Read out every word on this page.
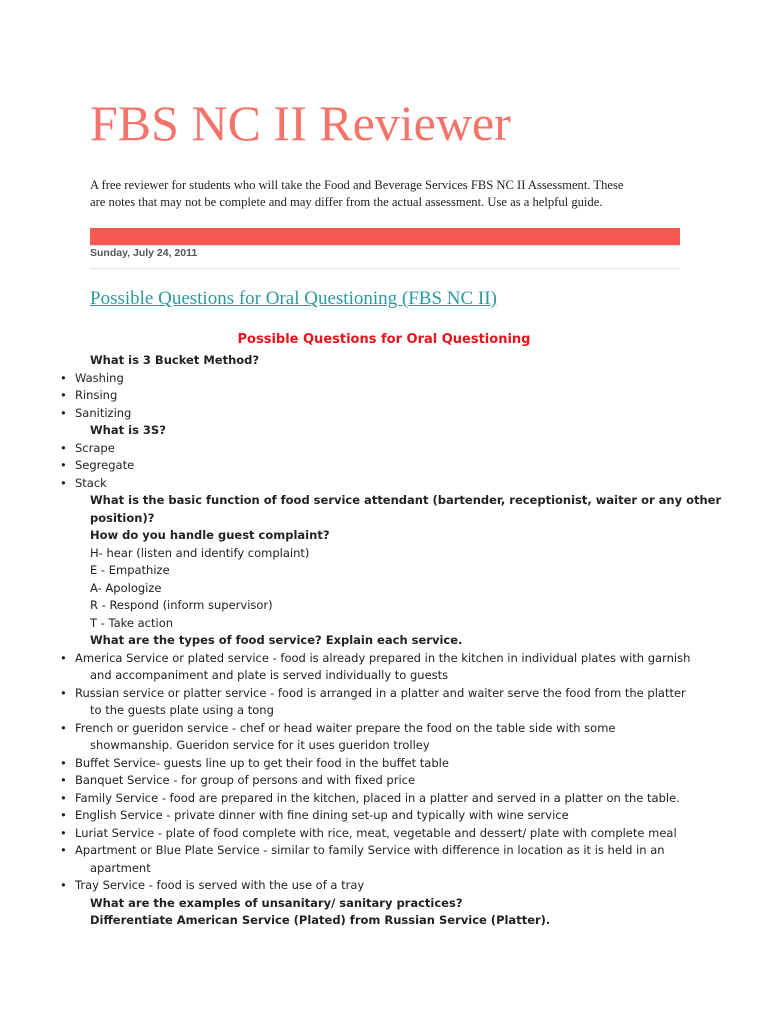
FBS NC II Reviewer
A free reviewer for students who will take the Food and Beverage Services FBS NC II Assessment. These
are notes that may not be complete and may differ from the actual assessment. Use as a helpful guide.
Sunday, July 24, 2011
Possible Questions for Oral Questioning (FBS NC II)
Possible Questions for Oral Questioning
What is 3 Bucket Method?
• Washing
• Rinsing
• Sanitizing
What is 3S?
• Scrape
• Segregate
• Stack
What is the basic function of food service attendant (bartender, receptionist, waiter or any other
position)?
How do you handle guest complaint?
H- hear (listen and identify complaint)
E - Empathize
A- Apologize
R - Respond (inform supervisor)
T - Take action
What are the types of food service? Explain each service.
• America Service or plated service - food is already prepared in the kitchen in individual plates with garnish
and accompaniment and plate is served individually to guests
• Russian service or platter service - food is arranged in a platter and waiter serve the food from the platter
to the guests plate using a tong
• French or gueridon service - chef or head waiter prepare the food on the table side with some
showmanship. Gueridon service for it uses gueridon trolley
• Buffet Service- guests line up to get their food in the buffet table
• Banquet Service - for group of persons and with fixed price
• Family Service - food are prepared in the kitchen, placed in a platter and served in a platter on the table.
• English Service - private dinner with fine dining set-up and typically with wine service
• Luriat Service - plate of food complete with rice, meat, vegetable and dessert/ plate with complete meal
• Apartment or Blue Plate Service - similar to family Service with difference in location as it is held in an
apartment
• Tray Service - food is served with the use of a tray
What are the examples of unsanitary/ sanitary practices?
Differentiate American Service (Plated) from Russian Service (Platter).
